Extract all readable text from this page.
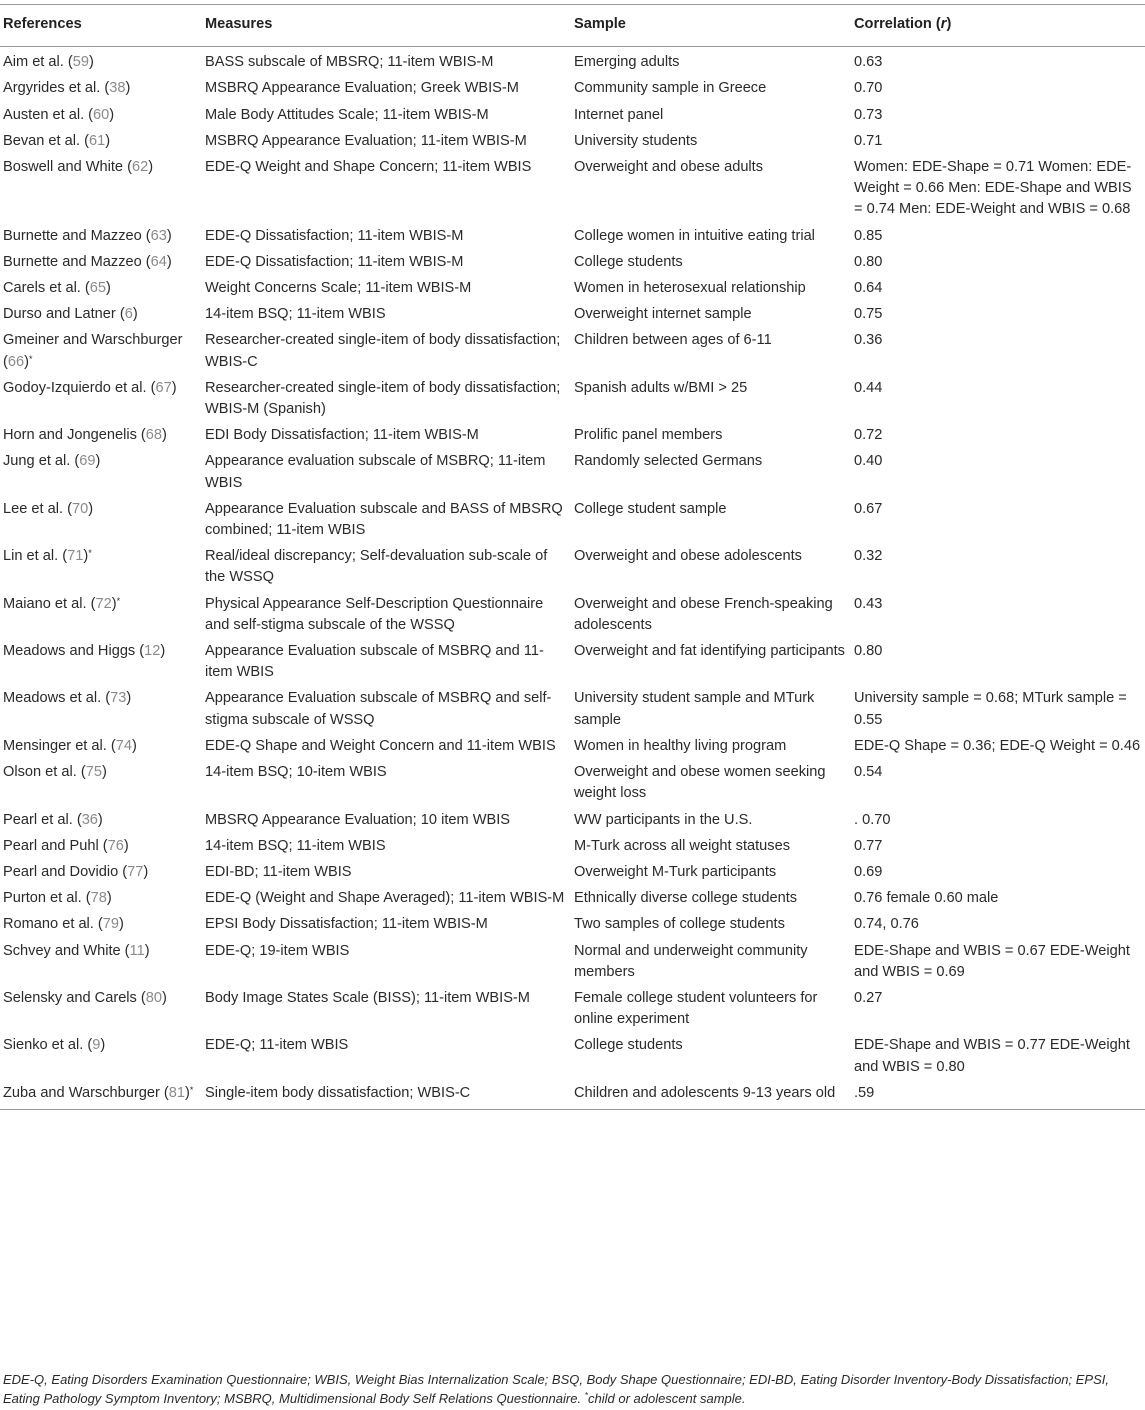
References	Measures	Sample	Correlation (r)
Aim et al. (59)	BASS subscale of MBSRQ; 11-item WBIS-M	Emerging adults	0.63
Argyrides et al. (38)	MSBRQ Appearance Evaluation; Greek WBIS-M	Community sample in Greece	0.70
Austen et al. (60)	Male Body Attitudes Scale; 11-item WBIS-M	Internet panel	0.73
Bevan et al. (61)	MSBRQ Appearance Evaluation; 11-item WBIS-M	University students	0.71
Boswell and White (62)	EDE-Q Weight and Shape Concern; 11-item WBIS	Overweight and obese adults	Women: EDE-Shape = 0.71 Women: EDE-Weight = 0.66 Men: EDE-Shape and WBIS = 0.74 Men: EDE-Weight and WBIS = 0.68
Burnette and Mazzeo (63)	EDE-Q Dissatisfaction; 11-item WBIS-M	College women in intuitive eating trial	0.85
Burnette and Mazzeo (64)	EDE-Q Dissatisfaction; 11-item WBIS-M	College students	0.80
Carels et al. (65)	Weight Concerns Scale; 11-item WBIS-M	Women in heterosexual relationship	0.64
Durso and Latner (6)	14-item BSQ; 11-item WBIS	Overweight internet sample	0.75
Gmeiner and Warschburger (66)*	Researcher-created single-item of body dissatisfaction; WBIS-C	Children between ages of 6-11	0.36
Godoy-Izquierdo et al. (67)	Researcher-created single-item of body dissatisfaction; WBIS-M (Spanish)	Spanish adults w/BMI > 25	0.44
Horn and Jongenelis (68)	EDI Body Dissatisfaction; 11-item WBIS-M	Prolific panel members	0.72
Jung et al. (69)	Appearance evaluation subscale of MSBRQ; 11-item WBIS	Randomly selected Germans	0.40
Lee et al. (70)	Appearance Evaluation subscale and BASS of MBSRQ combined; 11-item WBIS	College student sample	0.67
Lin et al. (71)*	Real/ideal discrepancy; Self-devaluation sub-scale of the WSSQ	Overweight and obese adolescents	0.32
Maiano et al. (72)*	Physical Appearance Self-Description Questionnaire and self-stigma subscale of the WSSQ	Overweight and obese French-speaking adolescents	0.43
Meadows and Higgs (12)	Appearance Evaluation subscale of MSBRQ and 11-item WBIS	Overweight and fat identifying participants	0.80
Meadows et al. (73)	Appearance Evaluation subscale of MSBRQ and self-stigma subscale of WSSQ	University student sample and MTurk sample	University sample = 0.68; MTurk sample = 0.55
Mensinger et al. (74)	EDE-Q Shape and Weight Concern and 11-item WBIS	Women in healthy living program	EDE-Q Shape = 0.36; EDE-Q Weight = 0.46
Olson et al. (75)	14-item BSQ; 10-item WBIS	Overweight and obese women seeking weight loss	0.54
Pearl et al. (36)	MBSRQ Appearance Evaluation; 10 item WBIS	WW participants in the U.S.	. 0.70
Pearl and Puhl (76)	14-item BSQ; 11-item WBIS	M-Turk across all weight statuses	0.77
Pearl and Dovidio (77)	EDI-BD; 11-item WBIS	Overweight M-Turk participants	0.69
Purton et al. (78)	EDE-Q (Weight and Shape Averaged); 11-item WBIS-M	Ethnically diverse college students	0.76 female 0.60 male
Romano et al. (79)	EPSI Body Dissatisfaction; 11-item WBIS-M	Two samples of college students	0.74, 0.76
Schvey and White (11)	EDE-Q; 19-item WBIS	Normal and underweight community members	EDE-Shape and WBIS = 0.67 EDE-Weight and WBIS = 0.69
Selensky and Carels (80)	Body Image States Scale (BISS); 11-item WBIS-M	Female college student volunteers for online experiment	0.27
Sienko et al. (9)	EDE-Q; 11-item WBIS	College students	EDE-Shape and WBIS = 0.77 EDE-Weight and WBIS = 0.80
Zuba and Warschburger (81)*	Single-item body dissatisfaction; WBIS-C	Children and adolescents 9-13 years old	.59
EDE-Q, Eating Disorders Examination Questionnaire; WBIS, Weight Bias Internalization Scale; BSQ, Body Shape Questionnaire; EDI-BD, Eating Disorder Inventory-Body Dissatisfaction; EPSI, Eating Pathology Symptom Inventory; MSBRQ, Multidimensional Body Self Relations Questionnaire. *child or adolescent sample.
